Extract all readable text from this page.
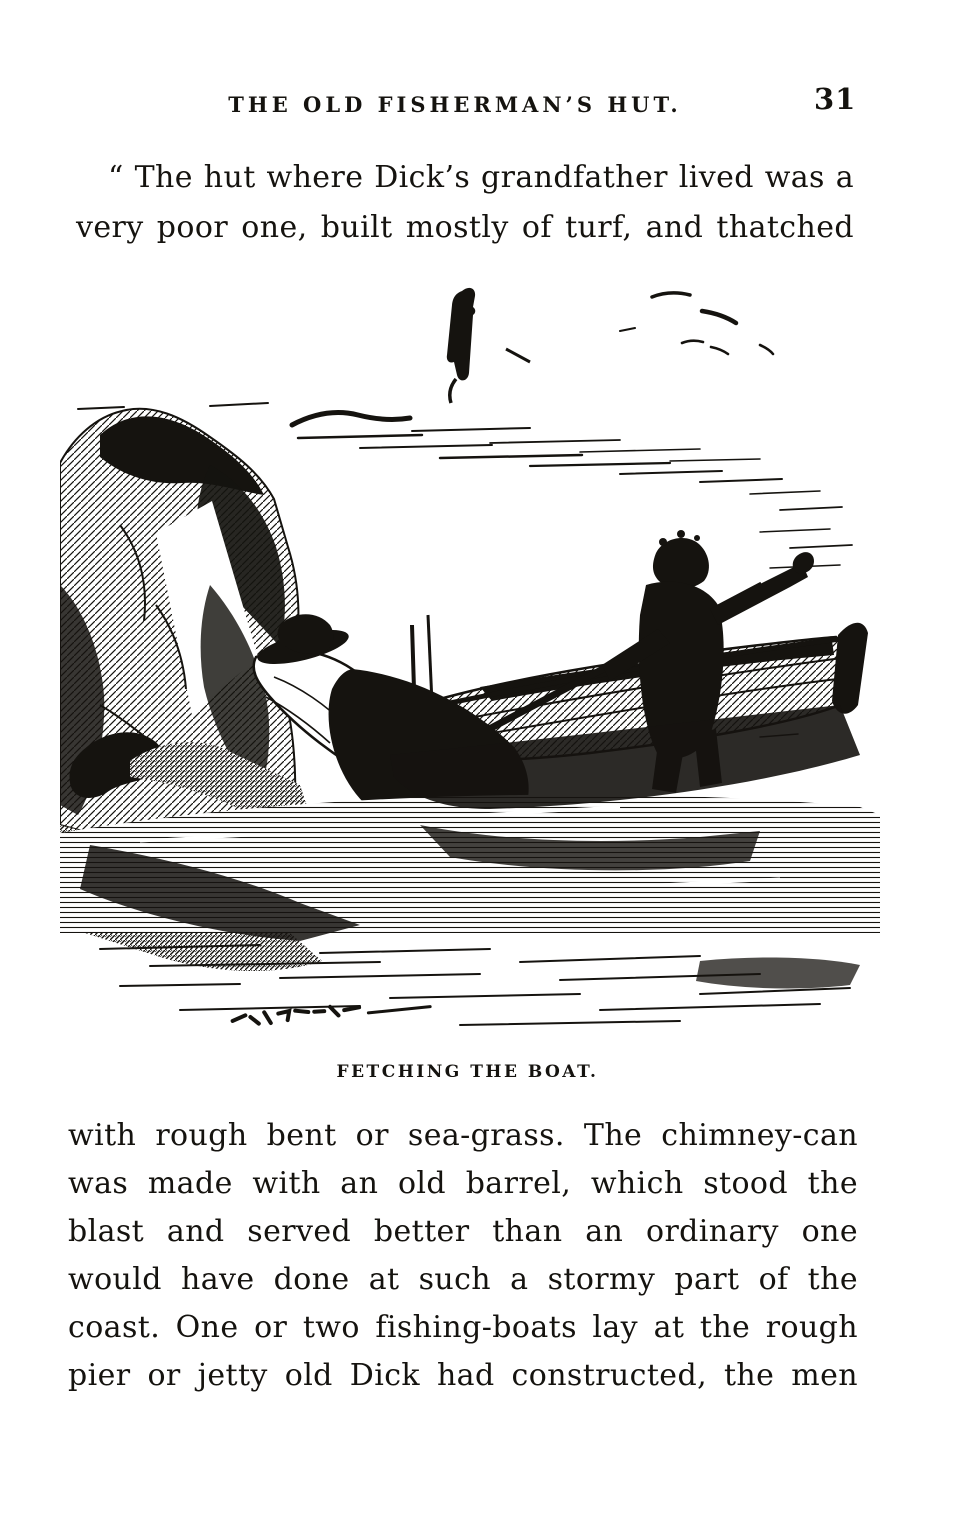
THE OLD FISHERMAN’S HUT.	31
“ The hut where Dick’s grandfather lived was a
very poor one, built mostly of turf, and thatched
FETCHING THE BOAT.
with rough bent or sea-grass. The chimney-can
was made with an old barrel, which stood the
blast and served better than an ordinary one
would have done at such a stormy part of the
coast. One or two fishing-boats lay at the rough
pier or jetty old Dick had constructed, the men
